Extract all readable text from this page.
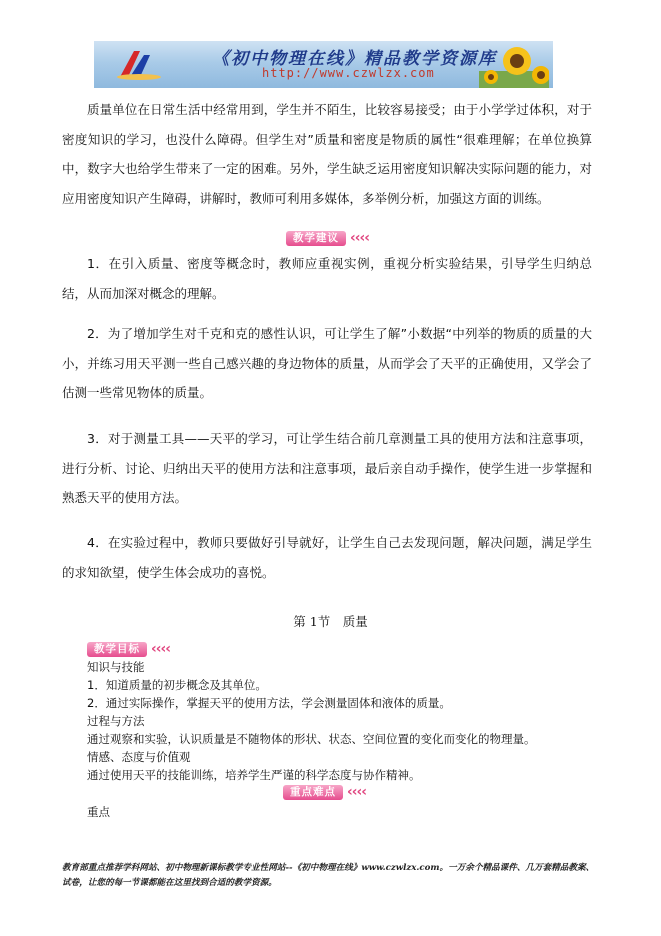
《初中物理在线》精品教学资源库
http://www.czwlzx.com

质量单位在日常生活中经常用到，学生并不陌生，比较容易接受；由于小学学过体积，对于密度知识的学习，也没什么障碍。但学生对”质量和密度是物质的属性“很难理解；在单位换算中，数字大也给学生带来了一定的困难。另外，学生缺乏运用密度知识解决实际问题的能力，对应用密度知识产生障碍，讲解时，教师可利用多媒体，多举例分析，加强这方面的训练。

教学建议 ‹‹‹‹

1．在引入质量、密度等概念时，教师应重视实例，重视分析实验结果，引导学生归纳总结，从而加深对概念的理解。

2．为了增加学生对千克和克的感性认识，可让学生了解”小数据“中列举的物质的质量的大小，并练习用天平测一些自己感兴趣的身边物体的质量，从而学会了天平的正确使用，又学会了估测一些常见物体的质量。

3．对于测量工具——天平的学习，可让学生结合前几章测量工具的使用方法和注意事项，进行分析、讨论、归纳出天平的使用方法和注意事项，最后亲自动手操作，使学生进一步掌握和熟悉天平的使用方法。

4．在实验过程中，教师只要做好引导就好，让学生自己去发现问题，解决问题，满足学生的求知欲望，使学生体会成功的喜悦。

第 1节　质量
教学目标 ‹‹‹‹

知识与技能

1．知道质量的初步概念及其单位。

2．通过实际操作，掌握天平的使用方法，学会测量固体和液体的质量。

过程与方法

通过观察和实验，认识质量是不随物体的形状、状态、空间位置的变化而变化的物理量。

情感、态度与价值观

通过使用天平的技能训练，培养学生严谨的科学态度与协作精神。

重点难点 ‹‹‹‹

重点

教育部重点推荐学科网站、初中物理新课标教学专业性网站--《初中物理在线》www.czwlzx.com。一万余个精品课件、几万套精品教案、试卷，让您的每一节课都能在这里找到合适的教学资源。
